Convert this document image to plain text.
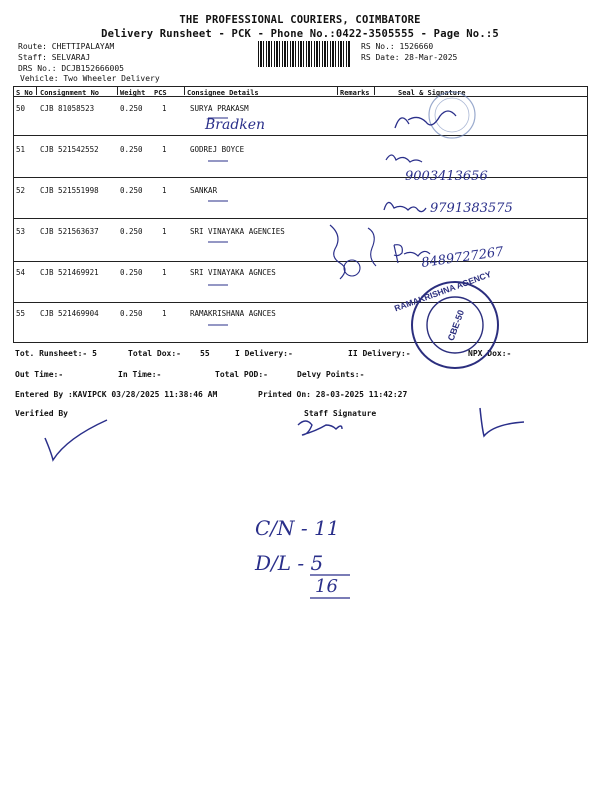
THE PROFESSIONAL COURIERS, COIMBATORE
Delivery Runsheet - PCK - Phone No.:0422-3505555 - Page No.:5
Route: CHETTIPALAYAM
Staff: SELVARAJ
DRS No.: DCJB152666005
Vehicle: Two Wheeler Delivery
RS No.: 1526660
RS Date: 28-Mar-2025
S No Consignment No	Weight PCS	Consignee Details	Remarks	Seal & Signature
50 CJB 81058523	0.250	1	SURYA PRAKASM
51 CJB 521542552	0.250	1	GODREJ BOYCE
52 CJB 521551998	0.250	1	SANKAR
53 CJB 521563637	0.250	1	SRI VINAYAKA AGENCIES
54 CJB 521469921	0.250	1	SRI VINAYAKA AGNCES
55 CJB 521469904	0.250	1	RAMAKRISHANA AGNCES
Tot. Runsheet:- 5	Total Dox:- 55	I Delivery:-	II Delivery:-	NPX Dox:-
Out Time:-	In Time:-	Total POD:-	Delvy Points:-
Entered By :KAVIPCK 03/28/2025 11:38:46 AM	Printed On: 28-03-2025 11:42:27
Verified By	Staff Signature
Bradken
9003413656
9791383575
8489727267
CBE-50
RAMAKRISHNA AGENCY
C/N - 11
D/L - 5
16
